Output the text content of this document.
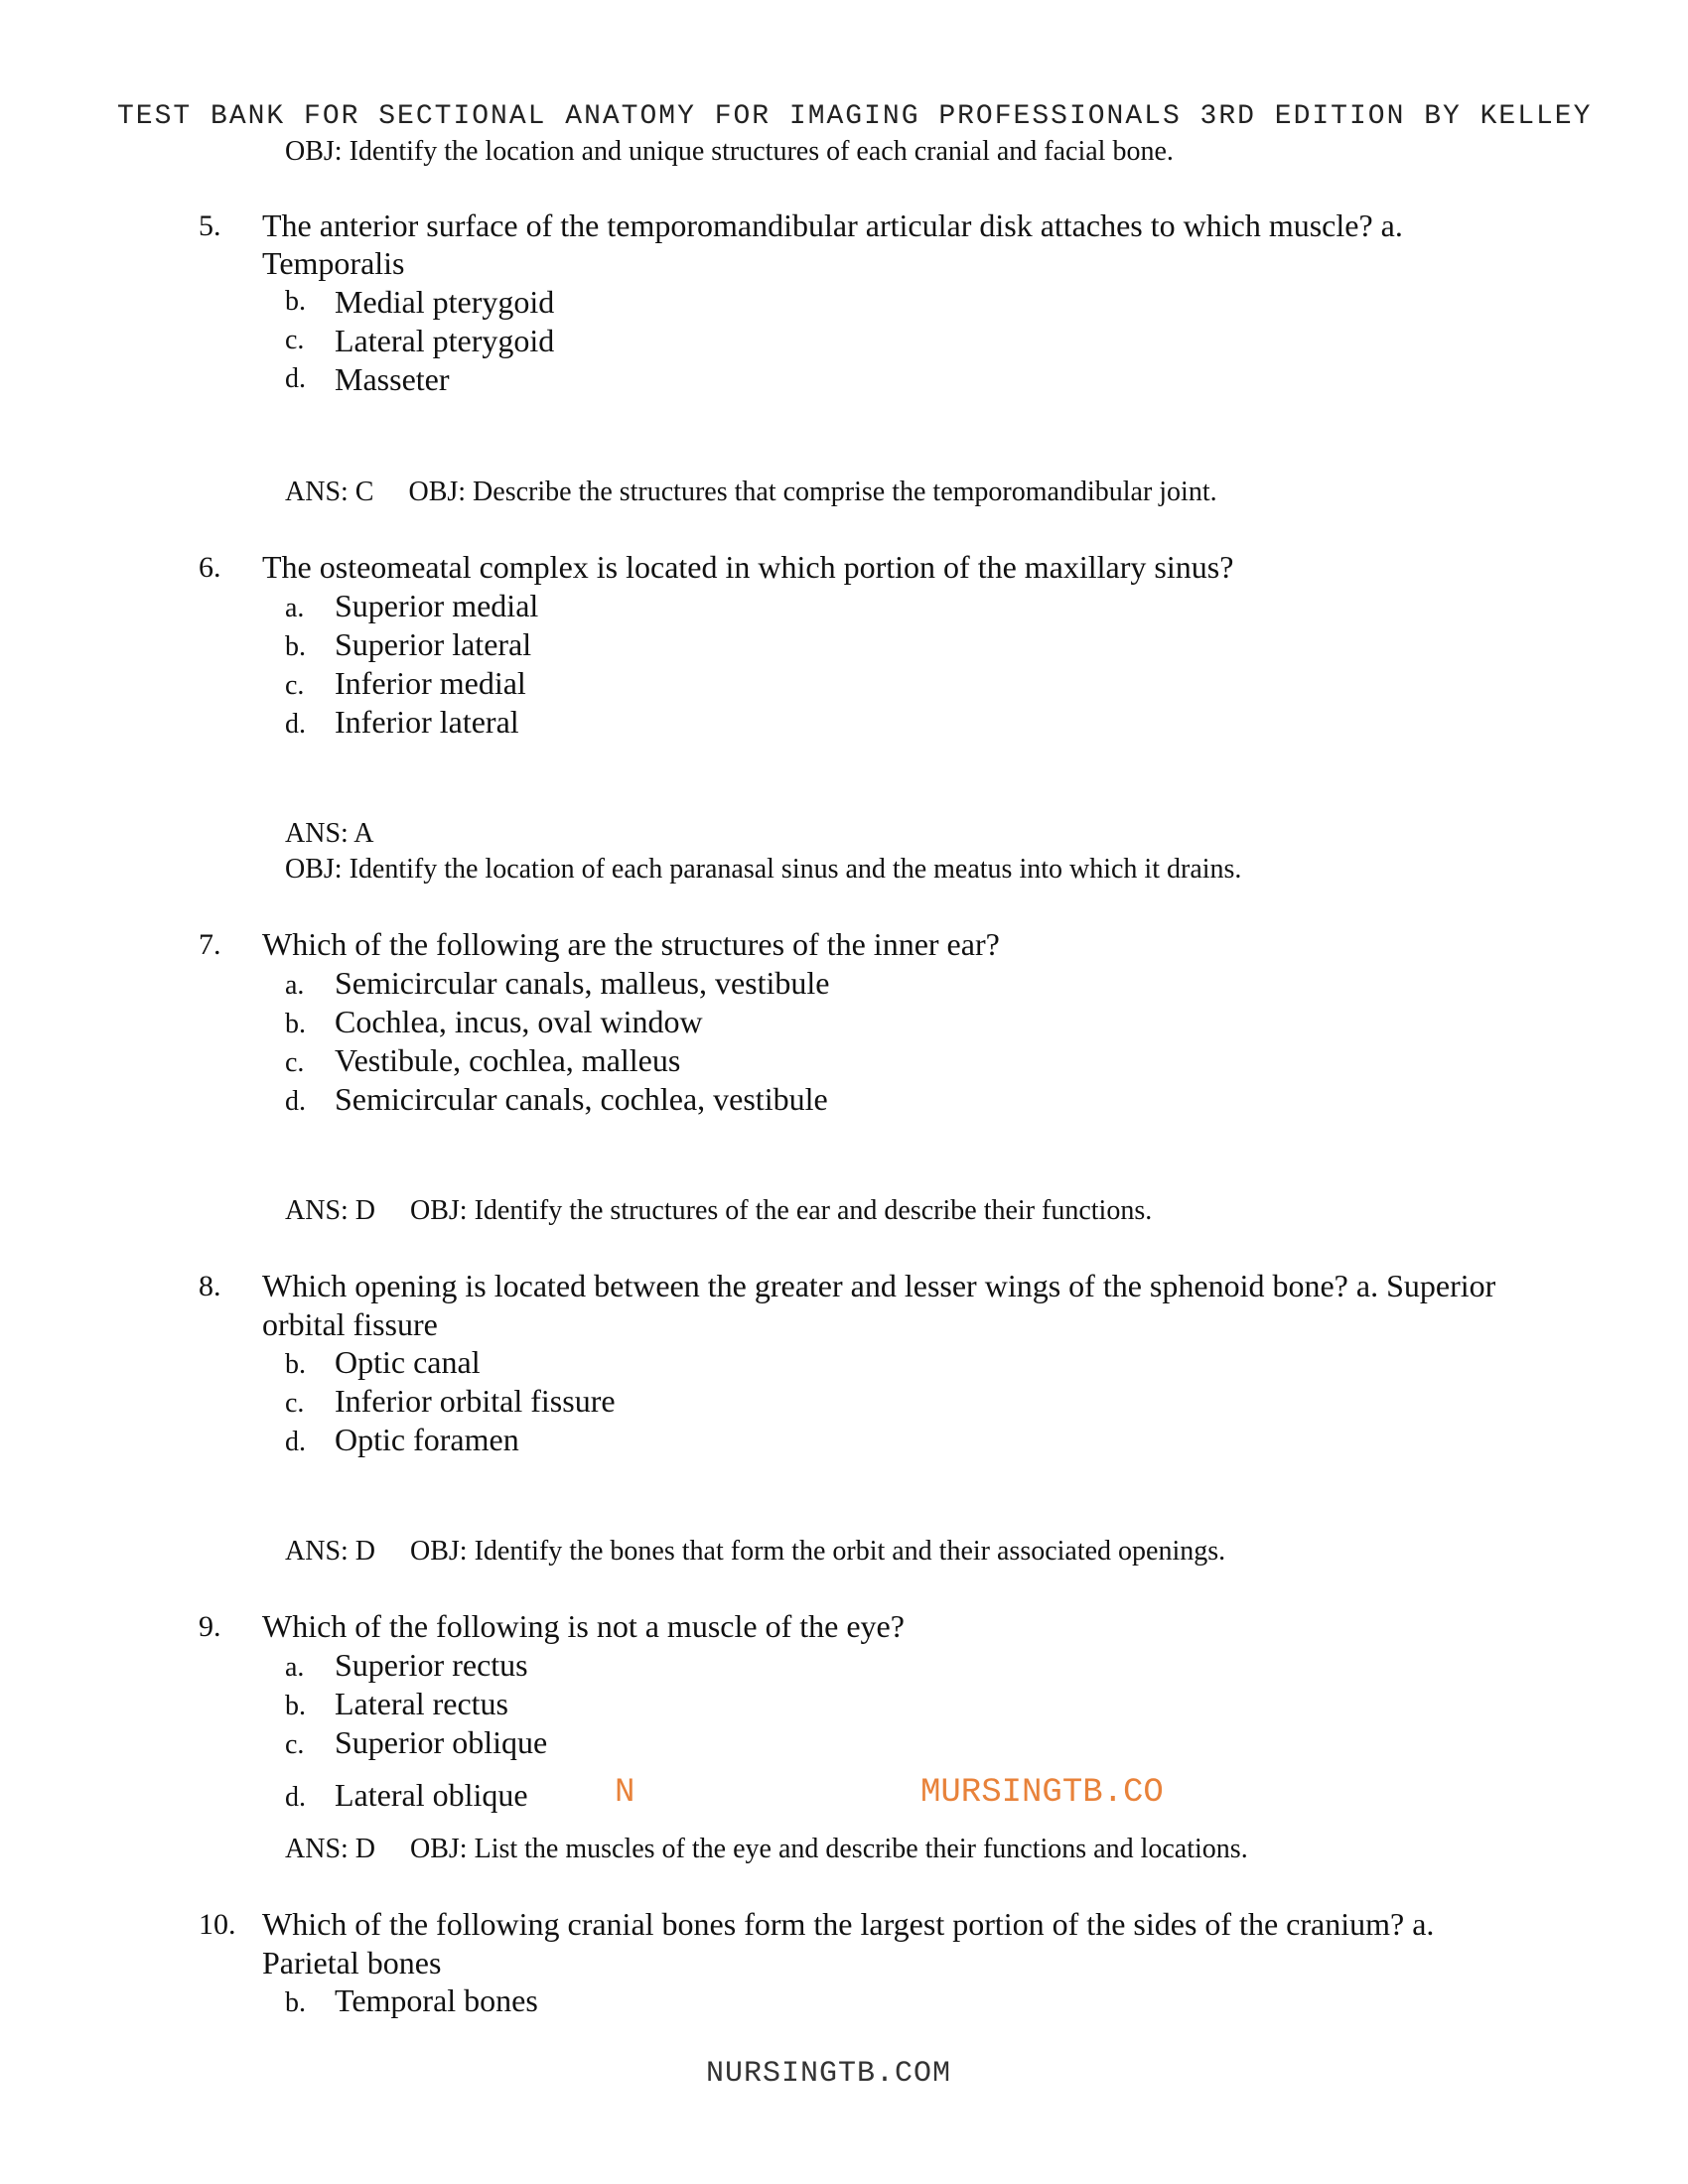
TEST BANK FOR SECTIONAL ANATOMY FOR IMAGING PROFESSIONALS 3RD EDITION BY KELLEY
OBJ: Identify the location and unique structures of each cranial and facial bone.
5. The anterior surface of the temporomandibular articular disk attaches to which muscle? a.
Temporalis
b. Medial pterygoid
c. Lateral pterygoid
d. Masseter
ANS: C     OBJ: Describe the structures that comprise the temporomandibular joint.
6. The osteomeatal complex is located in which portion of the maxillary sinus?
a. Superior medial
b. Superior lateral
c. Inferior medial
d. Inferior lateral
ANS: A
OBJ: Identify the location of each paranasal sinus and the meatus into which it drains.
7. Which of the following are the structures of the inner ear?
a. Semicircular canals, malleus, vestibule
b. Cochlea, incus, oval window
c. Vestibule, cochlea, malleus
d. Semicircular canals, cochlea, vestibule
ANS: D     OBJ: Identify the structures of the ear and describe their functions.
8. Which opening is located between the greater and lesser wings of the sphenoid bone? a. Superior
orbital fissure
b. Optic canal
c. Inferior orbital fissure
d. Optic foramen
ANS: D     OBJ: Identify the bones that form the orbit and their associated openings.
9. Which of the following is not a muscle of the eye?
a. Superior rectus
b. Lateral rectus
c. Superior oblique
d. Lateral oblique
ANS: D     OBJ: List the muscles of the eye and describe their functions and locations.
N	MURSINGTB.CO
10. Which of the following cranial bones form the largest portion of the sides of the cranium? a.
Parietal bones
b. Temporal bones
NURSINGTB.COM
